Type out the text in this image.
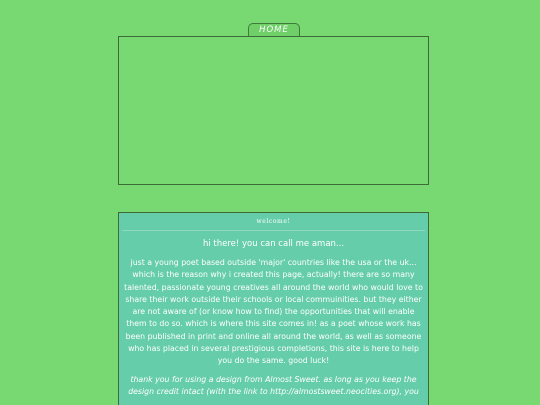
HOME
welcome!
hi there! you can call me aman...
just a young poet based outside 'major' countries like the usa or the uk... which is the reason why i created this page, actually! there are so many talented, passionate young creatives all around the world who would love to share their work outside their schools or local commuinities. but they either are not aware of (or know how to find) the opportunities that will enable them to do so. which is where this site comes in! as a poet whose work has been published in print and online all around the world, as well as someone who has placed in several prestigious completions, this site is here to help you do the same. good luck!
thank you for using a design from Almost Sweet. as long as you keep the design credit intact (with the link to http://almostsweet.neocities.org), you
